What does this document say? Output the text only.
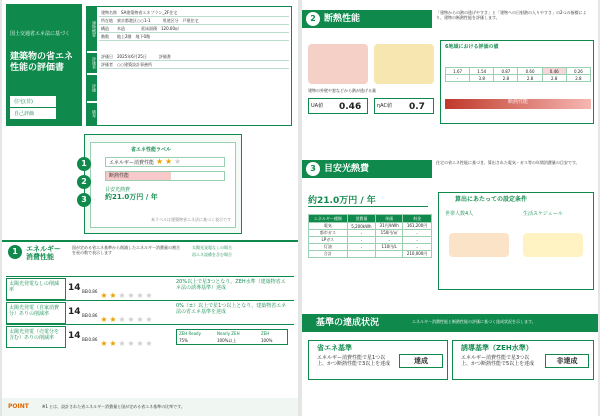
国土交通省エネ法に基づく
建築物の省エネ性能の評価書
住宅(非)
自己評価
建物概要
評価者
評価
備考
建物名称　SA建築物省エネプラン_2F住宅
所在地　東京都港区○○1-1　　　用途区分　戸建住宅
構造　　木造　　　　延床面積　120.00㎡
階数　　地上2階　地下0階
評価日　2025年6月25日　　　評価書
評価者　○○建築設計事務所
省エネ性能ラベル
エネルギー消費性能 ★ ★ ★
断熱性能
目安光熱費
約21.0万円 / 年
1
2
3
本ラベルは建築物省エネ法に基づく表示です
1	エネルギー消費性能
国が定める省エネ基準から削減したエネルギー消費量の割合を星の数で表示します
太陽光発電なしの場合
再エネ設備を含む場合
太陽光発電なしの削減率	14 BEI0.86 ★ ★ ★ ★ ★ ★
20%以上で星3つとなり、ZEH水準（建築物省エネ法の誘導基準）達成
太陽光発電（自家消費分）ありの削減率	14 BEI0.86 ★ ★ ★ ★ ★ ★
0%（±）以上で星1つ以上となり、建築物省エネ法の省エネ基準を達成
太陽光発電（売電分を含む）ありの削減率	14 BEI0.86 ★ ★ ★ ★ ★ ★
ZEH Ready	Nearly ZEH	ZEH
75%	100%以上	100%
POINT	※1 とは、設計された省エネルギー消費量と国が定める省エネ基準の比率です。
2 断熱性能
「建物からの熱の逃げやすさ」と「建物への日射熱の入りやすさ」の2つの指標により、建物の断熱性能を評価します。
建物の外壁や窓などから熱が逃げる量
UA値 0.46	ηAC値 0.7
6地域における評価の値
1.67	1.54	0.87	0.60	0.46	0.26
-	3.8	2.8	2.8	2.8	2.8
断熱性能
3 目安光熱費
住宅の省エネ性能に基づき、算出された電気・ガス等の年間消費量の目安です。
約21.0万円 / 年
エネルギー種類	消費量	単価	料金
電気	5,200kWh	31円/kWh	161,200円
都市ガス	-	150円/㎥	-
LPガス	-	-	-
灯油	-	110円/L	-
合計			210,000円
算出にあたっての設定条件
世帯人数4人	生活スケジュール
基準の達成状況	エネルギー消費性能と断熱性能の評価に基づく達成状況を示します。
省エネ基準
エネルギー消費性能で星1つ以上、かつ断熱性能で3以上を達成	達成
誘導基準（ZEH水準）
エネルギー消費性能で星3つ以上、かつ断熱性能で5以上を達成	非達成
